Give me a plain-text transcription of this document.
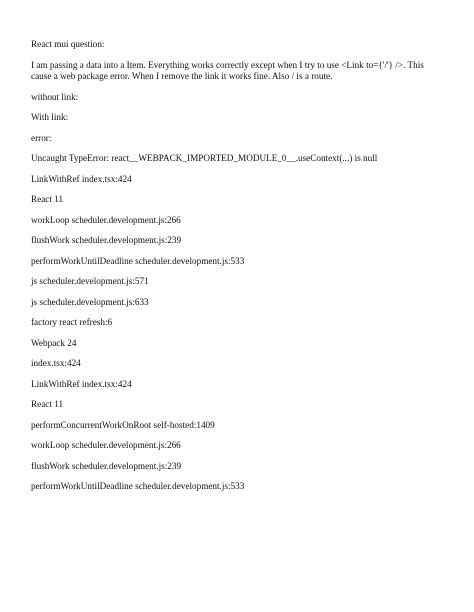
React mui question:
I am passing a data into a Item. Everything works correctly except when I try to use <Link to={'/'} />. This cause a web package error. When I remove the link it works fine. Also / is a route.
without link:
With link:
error:
Uncaught TypeError: react__WEBPACK_IMPORTED_MODULE_0__.useContext(...) is null
LinkWithRef index.tsx:424
React 11
workLoop scheduler.development.js:266
flushWork scheduler.development.js:239
performWorkUntilDeadline scheduler.development.js:533
js scheduler.development.js:571
js scheduler.development.js:633
factory react refresh:6
Webpack 24
index.tsx:424
LinkWithRef index.tsx:424
React 11
performConcurrentWorkOnRoot self-hosted:1409
workLoop scheduler.development.js:266
flushWork scheduler.development.js:239
performWorkUntilDeadline scheduler.development.js:533
